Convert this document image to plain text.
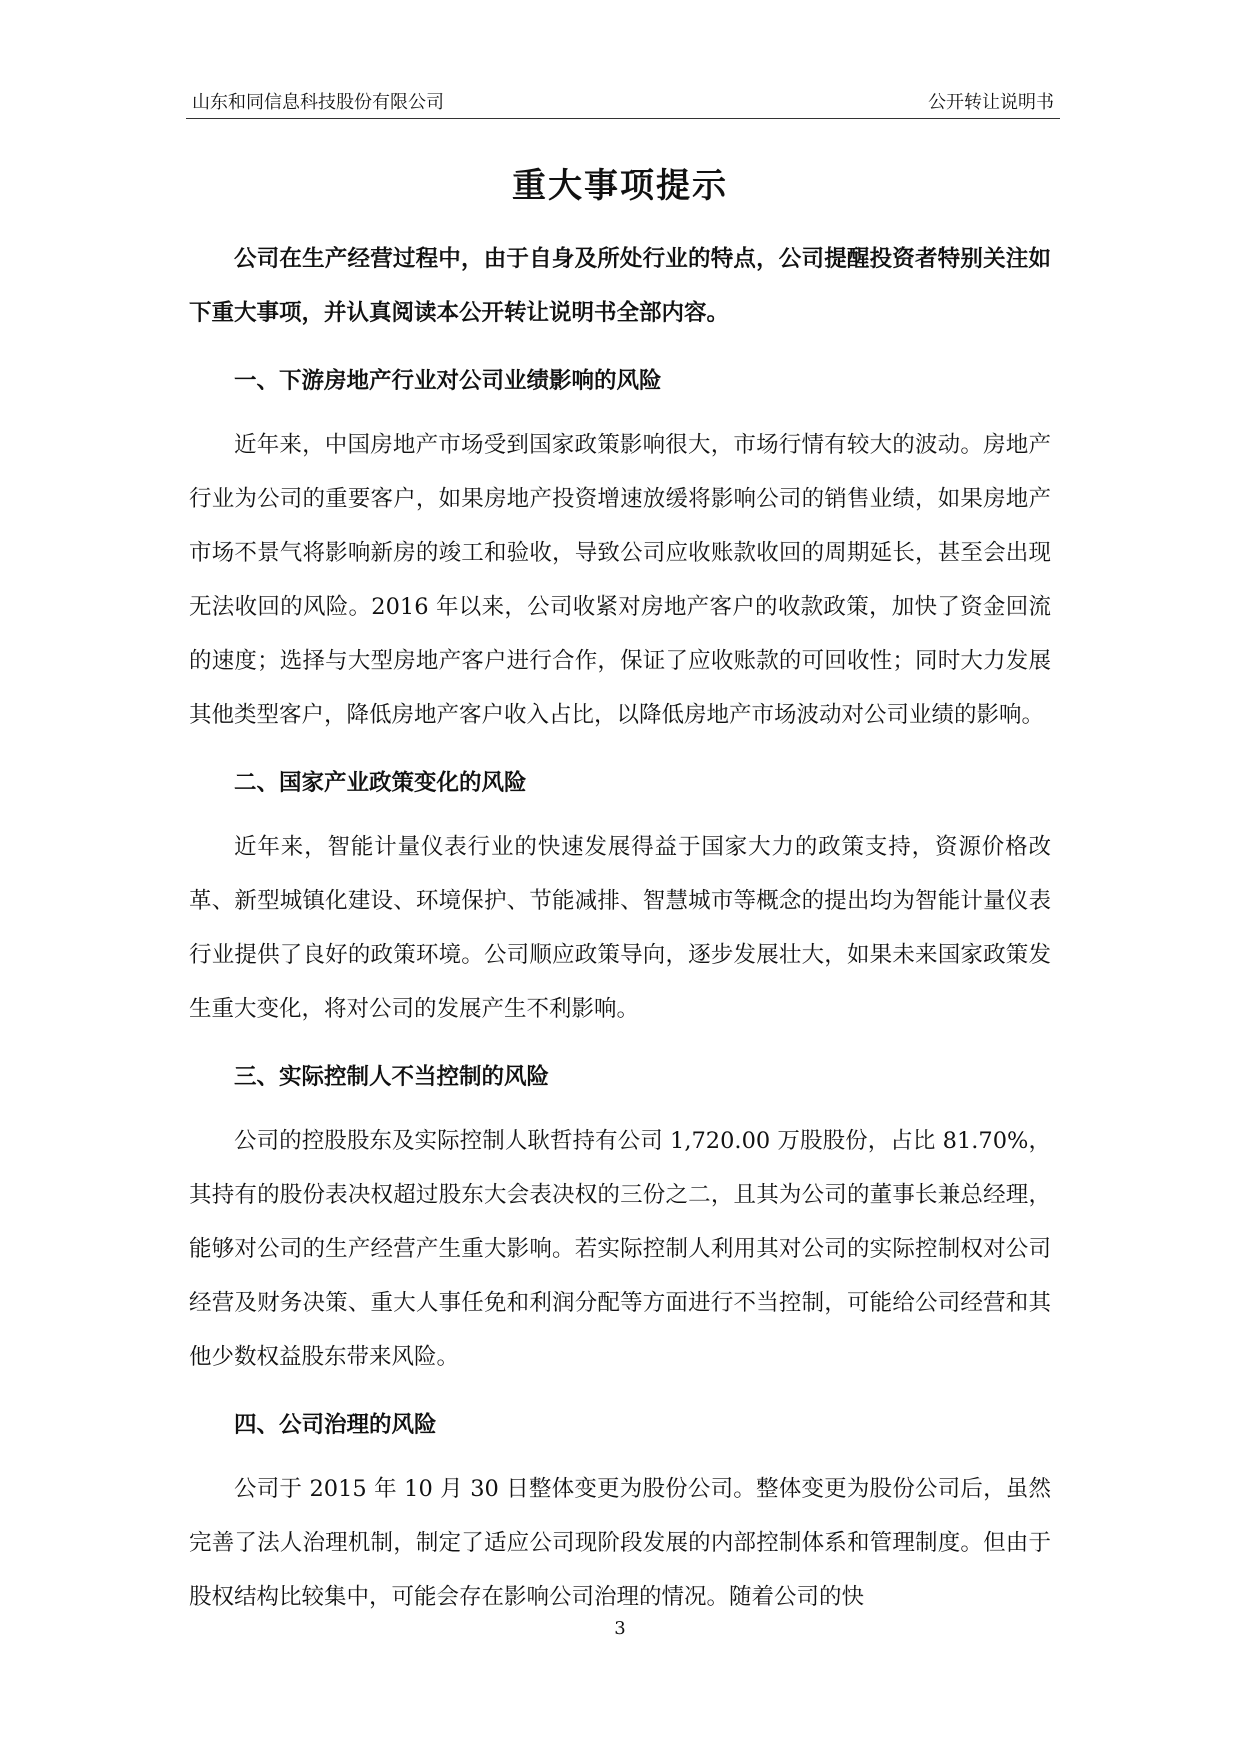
山东和同信息科技股份有限公司	公开转让说明书
重大事项提示

公司在生产经营过程中，由于自身及所处行业的特点，公司提醒投资者特别关注如下重大事项，并认真阅读本公开转让说明书全部内容。

一、下游房地产行业对公司业绩影响的风险

近年来，中国房地产市场受到国家政策影响很大，市场行情有较大的波动。房地产行业为公司的重要客户，如果房地产投资增速放缓将影响公司的销售业绩，如果房地产市场不景气将影响新房的竣工和验收，导致公司应收账款收回的周期延长，甚至会出现无法收回的风险。2016 年以来，公司收紧对房地产客户的收款政策，加快了资金回流的速度；选择与大型房地产客户进行合作，保证了应收账款的可回收性；同时大力发展其他类型客户，降低房地产客户收入占比，以降低房地产市场波动对公司业绩的影响。

二、国家产业政策变化的风险

近年来，智能计量仪表行业的快速发展得益于国家大力的政策支持，资源价格改革、新型城镇化建设、环境保护、节能减排、智慧城市等概念的提出均为智能计量仪表行业提供了良好的政策环境。公司顺应政策导向，逐步发展壮大，如果未来国家政策发生重大变化，将对公司的发展产生不利影响。

三、实际控制人不当控制的风险

公司的控股股东及实际控制人耿哲持有公司 1,720.00 万股股份，占比 81.70%，其持有的股份表决权超过股东大会表决权的三份之二，且其为公司的董事长兼总经理，能够对公司的生产经营产生重大影响。若实际控制人利用其对公司的实际控制权对公司经营及财务决策、重大人事任免和利润分配等方面进行不当控制，可能给公司经营和其他少数权益股东带来风险。

四、公司治理的风险

公司于 2015 年 10 月 30 日整体变更为股份公司。整体变更为股份公司后，虽然完善了法人治理机制，制定了适应公司现阶段发展的内部控制体系和管理制度。但由于股权结构比较集中，可能会存在影响公司治理的情况。随着公司的快

3
